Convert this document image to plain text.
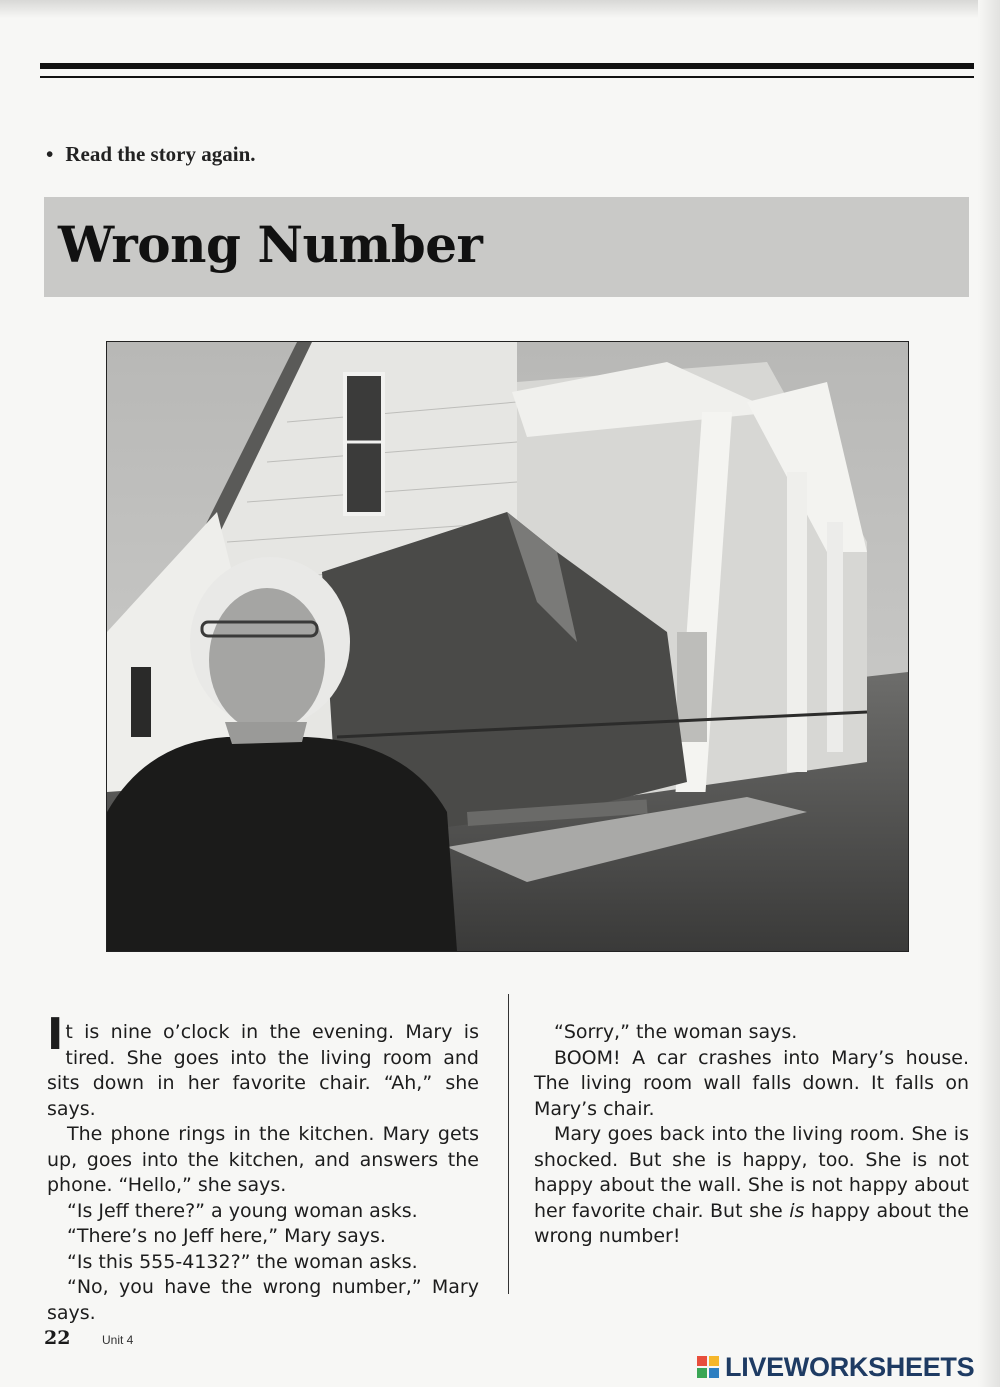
• Read the story again.
Wrong Number

It is nine o’clock in the evening. Mary is tired. She goes into the living room and sits down in her favorite chair. “Ah,” she says.

The phone rings in the kitchen. Mary gets up, goes into the kitchen, and answers the phone. “Hello,” she says.

“Is Jeff there?” a young woman asks.

“There’s no Jeff here,” Mary says.

“Is this 555-4132?” the woman asks.

“No, you have the wrong number,” Mary says.

“Sorry,” the woman says.

BOOM! A car crashes into Mary’s house. The living room wall falls down. It falls on Mary’s chair.

Mary goes back into the living room. She is shocked. But she is happy, too. She is not happy about the wall. She is not happy about her favorite chair. But she is happy about the wrong number!

22	Unit 4
LIVEWORKSHEETS
